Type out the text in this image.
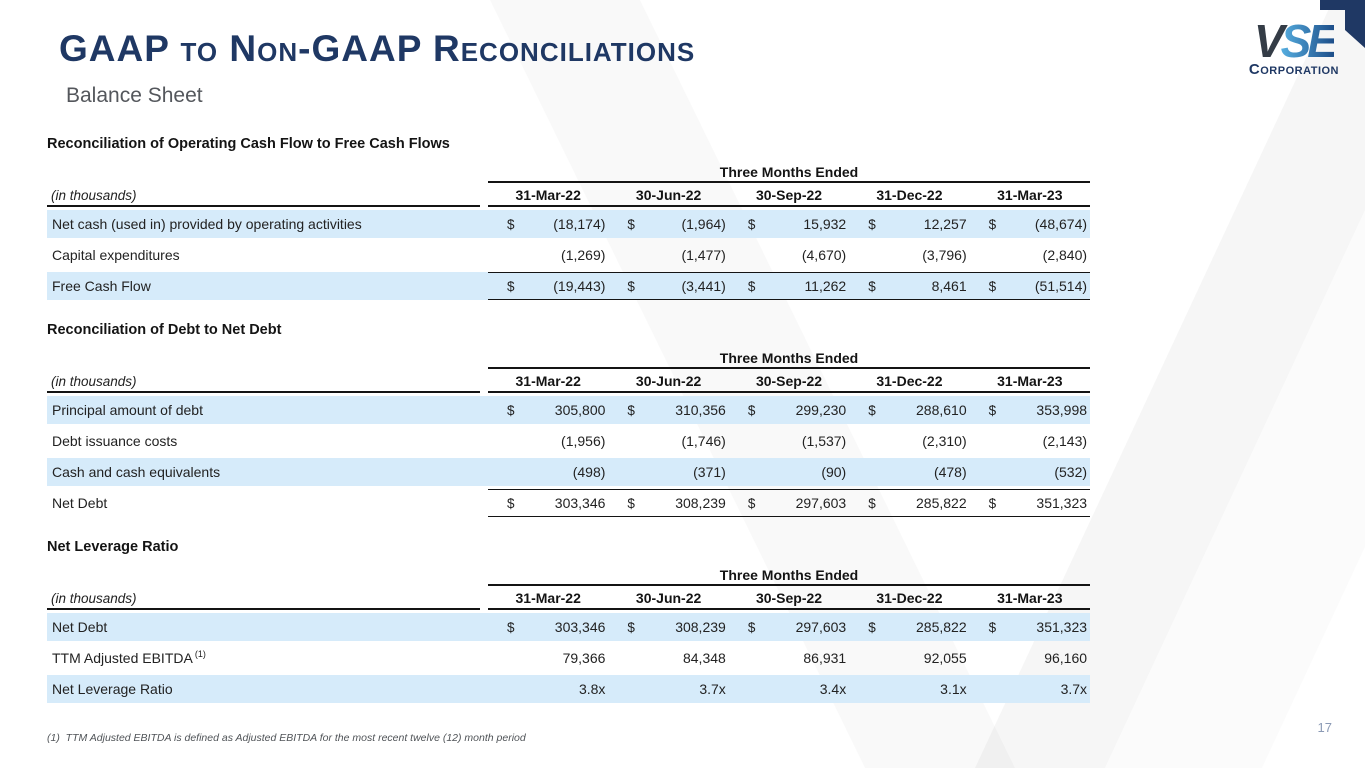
GAAP to Non-GAAP Reconciliations
Balance Sheet
VSE
Corporation
Reconciliation of Operating Cash Flow to Free Cash Flows
Three Months Ended
(in thousands)	31-Mar-22	30-Jun-22	30-Sep-22	31-Dec-22	31-Mar-23
Net cash (used in) provided by operating activities	$	(18,174) $	(1,964) $	15,932 $	12,257 $	(48,674)
Capital expenditures	(1,269)	(1,477)	(4,670)	(3,796)	(2,840)
Free Cash Flow	$	(19,443) $	(3,441) $	11,262 $	8,461 $	(51,514)
Reconciliation of Debt to Net Debt
Three Months Ended
(in thousands)	31-Mar-22	30-Jun-22	30-Sep-22	31-Dec-22	31-Mar-23
Principal amount of debt	$	305,800 $	310,356 $	299,230 $	288,610 $	353,998
Debt issuance costs	(1,956)	(1,746)	(1,537)	(2,310)	(2,143)
Cash and cash equivalents	(498)	(371)	(90)	(478)	(532)
Net Debt	$	303,346 $	308,239 $	297,603 $	285,822 $	351,323
Net Leverage Ratio
Three Months Ended
(in thousands)	31-Mar-22	30-Jun-22	30-Sep-22	31-Dec-22	31-Mar-23
Net Debt	$	303,346 $	308,239 $	297,603 $	285,822 $	351,323
TTM Adjusted EBITDA $^{(1)}$	79,366	84,348	86,931	92,055	96,160
Net Leverage Ratio	3.8x	3.7x	3.4x	3.1x	3.7x
(1)  TTM Adjusted EBITDA is defined as Adjusted EBITDA for the most recent twelve (12) month period
17
